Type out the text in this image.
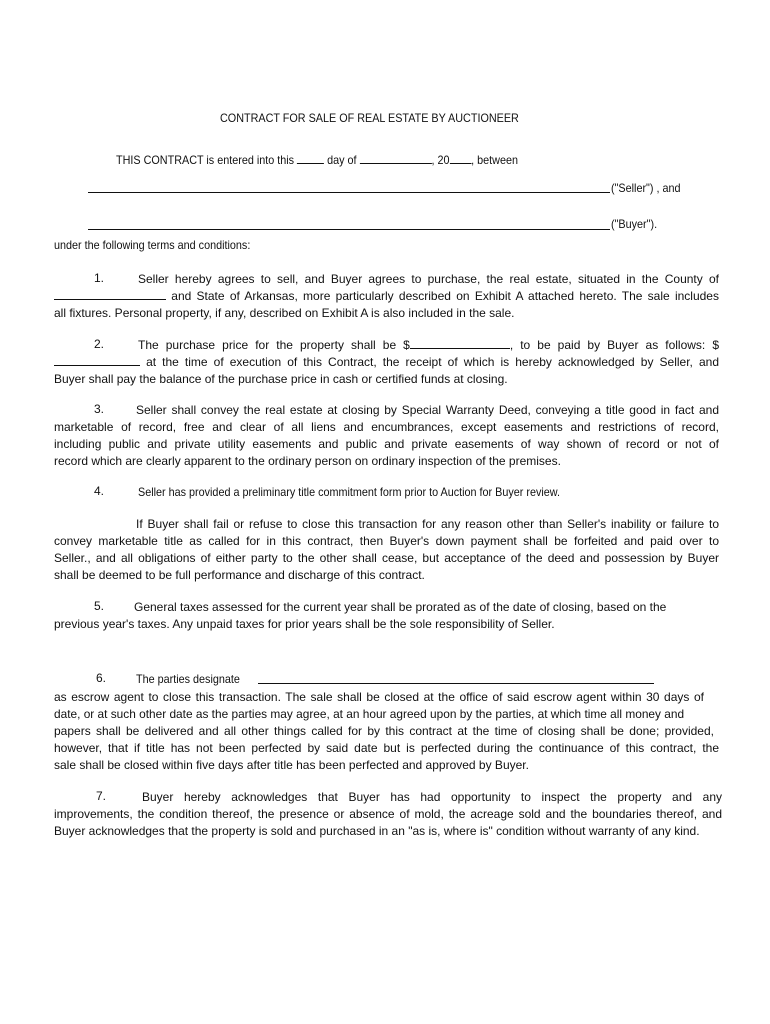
CONTRACT FOR SALE OF REAL ESTATE BY AUCTIONEER
THIS CONTRACT is entered into this	day of	, 20 , between
("Seller") , and
("Buyer").
under the following terms and conditions:
1.	Seller hereby agrees to sell, and Buyer agrees to purchase, the real estate, situated in the County of
and State of Arkansas, more particularly described on Exhibit A attached hereto. The sale includes
all fixtures. Personal property, if any, described on Exhibit A is also included in the sale.
2.	The purchase price for the property shall be $	, to be paid by Buyer as follows: $
at the time of execution of this Contract, the receipt of which is hereby acknowledged by Seller, and
Buyer shall pay the balance of the purchase price in cash or certified funds at closing.
3.	Seller shall convey the real estate at closing by Special Warranty Deed, conveying a title good in fact and
marketable of record, free and clear of all liens and encumbrances, except easements and restrictions of record,
including public and private utility easements and public and private easements of way shown of record or not of
record which are clearly apparent to the ordinary person on ordinary inspection of the premises.
4.	Seller has provided a preliminary title commitment form prior to Auction for Buyer review.
If Buyer shall fail or refuse to close this transaction for any reason other than Seller's inability or failure to
convey marketable title as called for in this contract, then Buyer's down payment shall be forfeited and paid over to
Seller., and all obligations of either party to the other shall cease, but acceptance of the deed and possession by Buyer
shall be deemed to be full performance and discharge of this contract.
5. General taxes assessed for the current year shall be prorated as of the date of closing, based on the
previous year's taxes. Any unpaid taxes for prior years shall be the sole responsibility of Seller.
6. The parties designate
as escrow agent to close this transaction. The sale shall be closed at the office of said escrow agent within 30 days of
date, or at such other date as the parties may agree, at an hour agreed upon by the parties, at which time all money and
papers shall be delivered and all other things called for by this contract at the time of closing shall be done; provided,
however, that if title has not been perfected by said date but is perfected during the continuance of this contract, the
sale shall be closed within five days after title has been perfected and approved by Buyer.
7.	Buyer hereby acknowledges that Buyer has had opportunity to inspect the property and any
improvements, the condition thereof, the presence or absence of mold, the acreage sold and the boundaries thereof, and
Buyer acknowledges that the property is sold and purchased in an "as is, where is" condition without warranty of any kind.
